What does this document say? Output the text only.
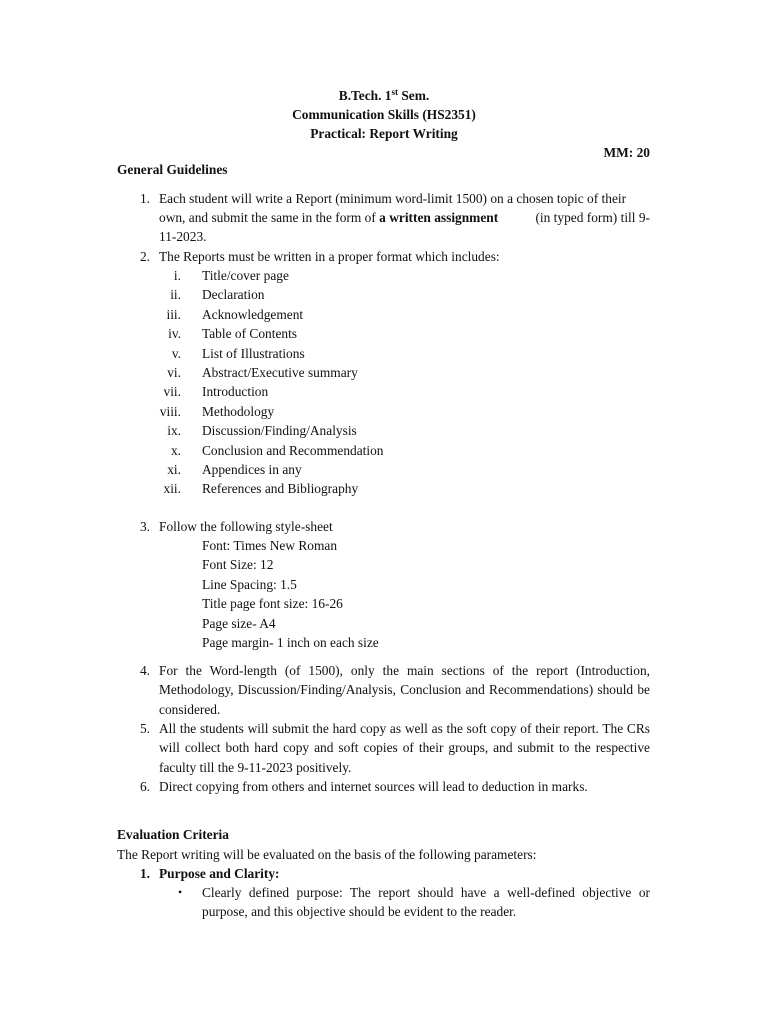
B.Tech. 1st Sem.
Communication Skills (HS2351)
Practical: Report Writing
MM: 20
General Guidelines
1. Each student will write a Report (minimum word-limit 1500) on a chosen topic of their
own, and submit the same in the form of a written assignment	(in typed form) till 9-
11-2023.
2. The Reports must be written in a proper format which includes:
i. Title/cover page
ii. Declaration
iii. Acknowledgement
iv. Table of Contents
v. List of Illustrations
vi. Abstract/Executive summary
vii. Introduction
viii. Methodology
ix. Discussion/Finding/Analysis
x. Conclusion and Recommendation
xi. Appendices in any
xii. References and Bibliography
3. Follow the following style-sheet
Font: Times New Roman
Font Size: 12
Line Spacing: 1.5
Title page font size: 16-26
Page size- A4
Page margin- 1 inch on each size
4. For the Word-length (of 1500), only the main sections of the report (Introduction, Methodology, Discussion/Finding/Analysis, Conclusion and Recommendations) should be considered.
5. All the students will submit the hard copy as well as the soft copy of their report. The CRs will collect both hard copy and soft copies of their groups, and submit to the respective faculty till the 9-11-2023 positively.
6. Direct copying from others and internet sources will lead to deduction in marks.
Evaluation Criteria
The Report writing will be evaluated on the basis of the following parameters:
1. Purpose and Clarity:
• Clearly defined purpose: The report should have a well-defined objective or purpose, and this objective should be evident to the reader.
